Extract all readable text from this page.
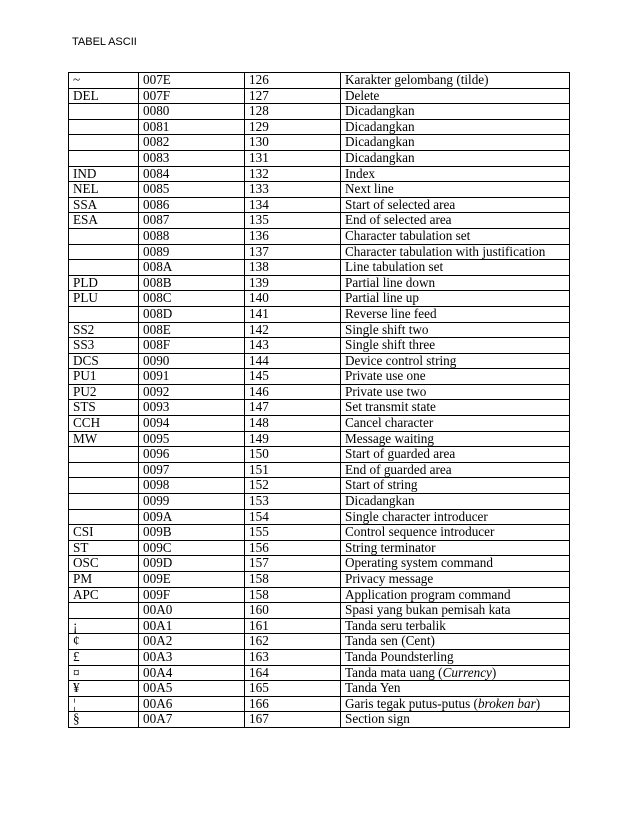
TABEL ASCII
~	007E	126	Karakter gelombang (tilde)
DEL	007F	127	Delete
	0080	128	Dicadangkan
	0081	129	Dicadangkan
	0082	130	Dicadangkan
	0083	131	Dicadangkan
IND	0084	132	Index
NEL	0085	133	Next line
SSA	0086	134	Start of selected area
ESA	0087	135	End of selected area
	0088	136	Character tabulation set
	0089	137	Character tabulation with justification
	008A	138	Line tabulation set
PLD	008B	139	Partial line down
PLU	008C	140	Partial line up
	008D	141	Reverse line feed
SS2	008E	142	Single shift two
SS3	008F	143	Single shift three
DCS	0090	144	Device control string
PU1	0091	145	Private use one
PU2	0092	146	Private use two
STS	0093	147	Set transmit state
CCH	0094	148	Cancel character
MW	0095	149	Message waiting
	0096	150	Start of guarded area
	0097	151	End of guarded area
	0098	152	Start of string
	0099	153	Dicadangkan
	009A	154	Single character introducer
CSI	009B	155	Control sequence introducer
ST	009C	156	String terminator
OSC	009D	157	Operating system command
PM	009E	158	Privacy message
APC	009F	158	Application program command
	00A0	160	Spasi yang bukan pemisah kata
¡	00A1	161	Tanda seru terbalik
¢	00A2	162	Tanda sen (Cent)
£	00A3	163	Tanda Poundsterling
¤	00A4	164	Tanda mata uang (Currency)
¥	00A5	165	Tanda Yen
¦	00A6	166	Garis tegak putus-putus (broken bar)
§	00A7	167	Section sign
